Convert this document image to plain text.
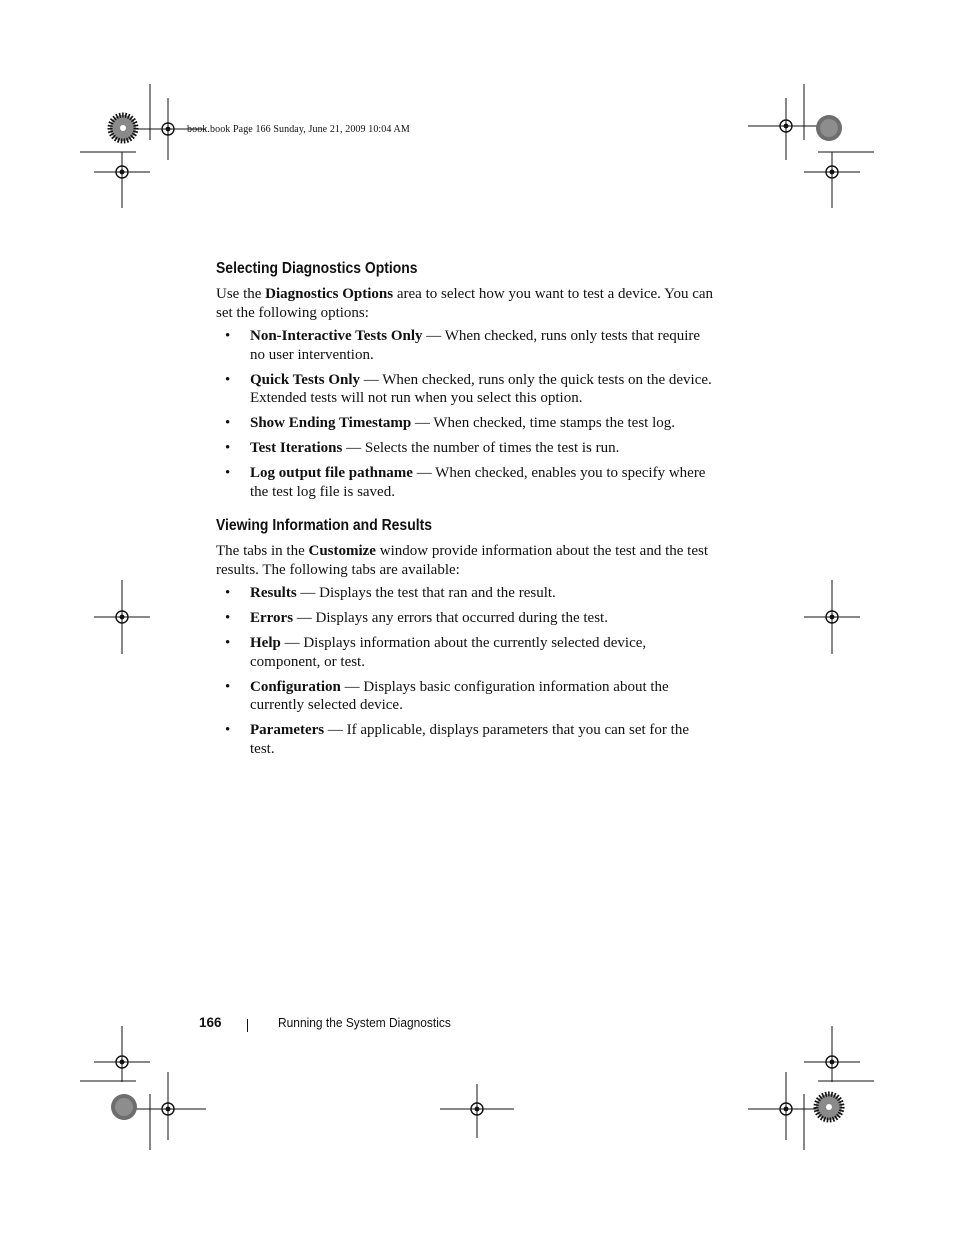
book.book Page 166 Sunday, June 21, 2009 10:04 AM
Selecting Diagnostics Options

Use the Diagnostics Options area to select how you want to test a device. You can set the following options:

• Non-Interactive Tests Only — When checked, runs only tests that require no user intervention.
• Quick Tests Only — When checked, runs only the quick tests on the device. Extended tests will not run when you select this option.
• Show Ending Timestamp — When checked, time stamps the test log.
• Test Iterations — Selects the number of times the test is run.
• Log output file pathname — When checked, enables you to specify where the test log file is saved.
Viewing Information and Results

The tabs in the Customize window provide information about the test and the test results. The following tabs are available:

• Results — Displays the test that ran and the result.
• Errors — Displays any errors that occurred during the test.
• Help — Displays information about the currently selected device, component, or test.
• Configuration — Displays basic configuration information about the currently selected device.
• Parameters — If applicable, displays parameters that you can set for the test.
166	Running the System Diagnostics
